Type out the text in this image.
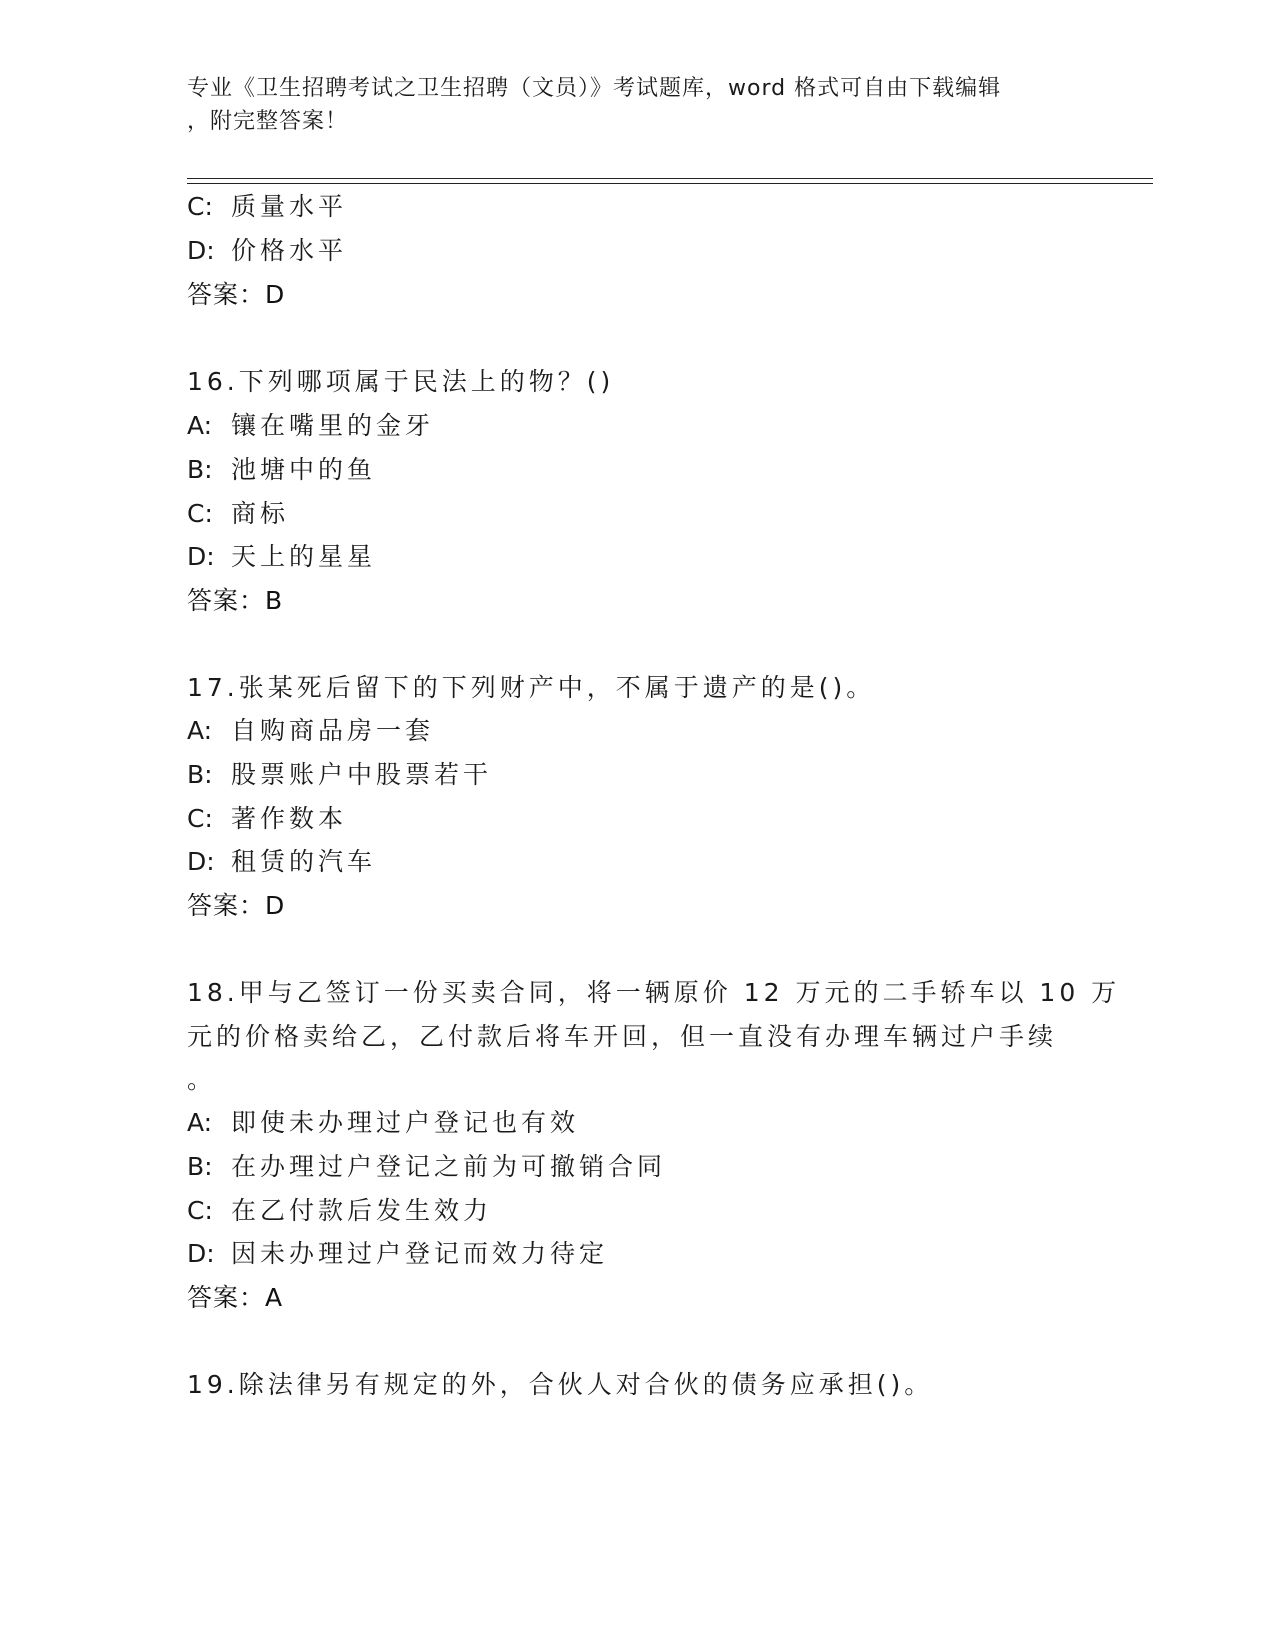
专业《卫生招聘考试之卫生招聘（文员）》考试题库，word 格式可自由下载编辑
，附完整答案！
C: 质量水平
D: 价格水平
答案：D
16.下列哪项属于民法上的物？()
A: 镶在嘴里的金牙
B: 池塘中的鱼
C: 商标
D: 天上的星星
答案：B
17.张某死后留下的下列财产中，不属于遗产的是()。
A: 自购商品房一套
B: 股票账户中股票若干
C: 著作数本
D: 租赁的汽车
答案：D
18.甲与乙签订一份买卖合同，将一辆原价 12 万元的二手轿车以 10 万
元的价格卖给乙，乙付款后将车开回，但一直没有办理车辆过户手续
。
A: 即使未办理过户登记也有效
B: 在办理过户登记之前为可撤销合同
C: 在乙付款后发生效力
D: 因未办理过户登记而效力待定
答案：A
19.除法律另有规定的外，合伙人对合伙的债务应承担()。
